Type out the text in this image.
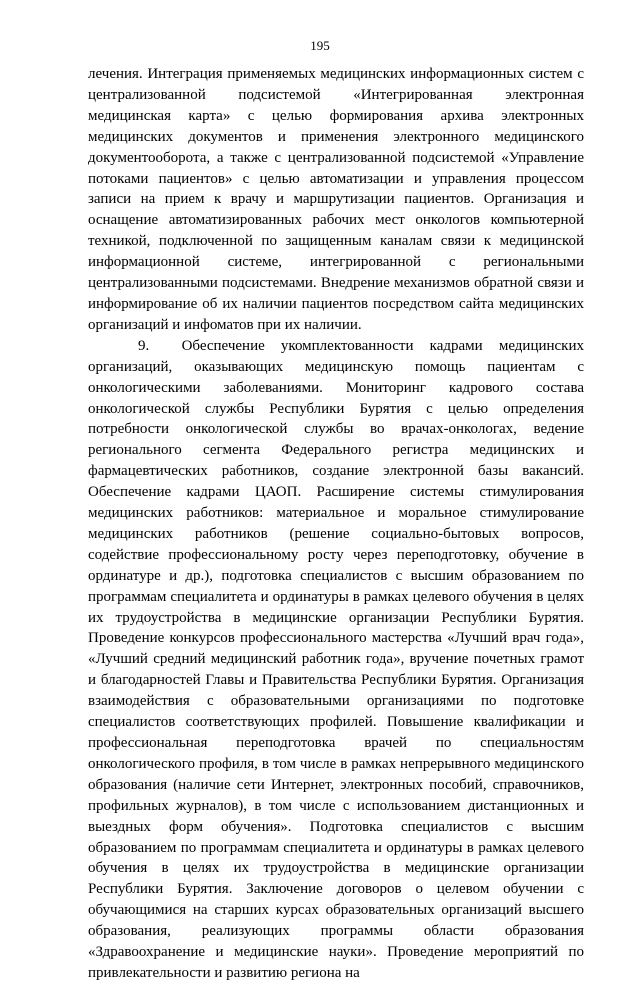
195

лечения. Интеграция применяемых медицинских информационных систем с централизованной подсистемой «Интегрированная электронная медицинская карта» с целью формирования архива электронных медицинских документов и применения электронного медицинского документооборота, а также с централизованной подсистемой «Управление потоками пациентов» с целью автоматизации и управления процессом записи на прием к врачу и маршрутизации пациентов. Организация и оснащение автоматизированных рабочих мест онкологов компьютерной техникой, подключенной по защищенным каналам связи к медицинской информационной системе, интегрированной с региональными централизованными подсистемами. Внедрение механизмов обратной связи и информирование об их наличии пациентов посредством сайта медицинских организаций и инфоматов при их наличии.

9.  Обеспечение укомплектованности кадрами медицинских организаций, оказывающих медицинскую помощь пациентам с онкологическими заболеваниями. Мониторинг кадрового состава онкологической службы Республики Бурятия с целью определения потребности онкологической службы во врачах-онкологах, ведение регионального сегмента Федерального регистра медицинских и фармацевтических работников, создание электронной базы вакансий. Обеспечение кадрами ЦАОП. Расширение системы стимулирования медицинских работников: материальное и моральное стимулирование медицинских работников (решение социально-бытовых вопросов, содействие профессиональному росту через переподготовку, обучение в ординатуре и др.), подготовка специалистов с высшим образованием по программам специалитета и ординатуры в рамках целевого обучения в целях их трудоустройства в медицинские организации Республики Бурятия. Проведение конкурсов профессионального мастерства «Лучший врач года», «Лучший средний медицинский работник года», вручение почетных грамот и благодарностей Главы и Правительства Республики Бурятия. Организация взаимодействия с образовательными организациями по подготовке специалистов соответствующих профилей. Повышение квалификации и профессиональная переподготовка врачей по специальностям онкологического профиля, в том числе в рамках непрерывного медицинского образования (наличие сети Интернет, электронных пособий, справочников, профильных журналов), в том числе с использованием дистанционных и выездных форм обучения». Подготовка специалистов с высшим образованием по программам специалитета и ординатуры в рамках целевого обучения в целях их трудоустройства в медицинские организации Республики Бурятия. Заключение договоров о целевом обучении с обучающимися на старших курсах образовательных организаций высшего образования, реализующих программы области образования «Здравоохранение и медицинские науки». Проведение мероприятий по привлекательности и развитию региона на
